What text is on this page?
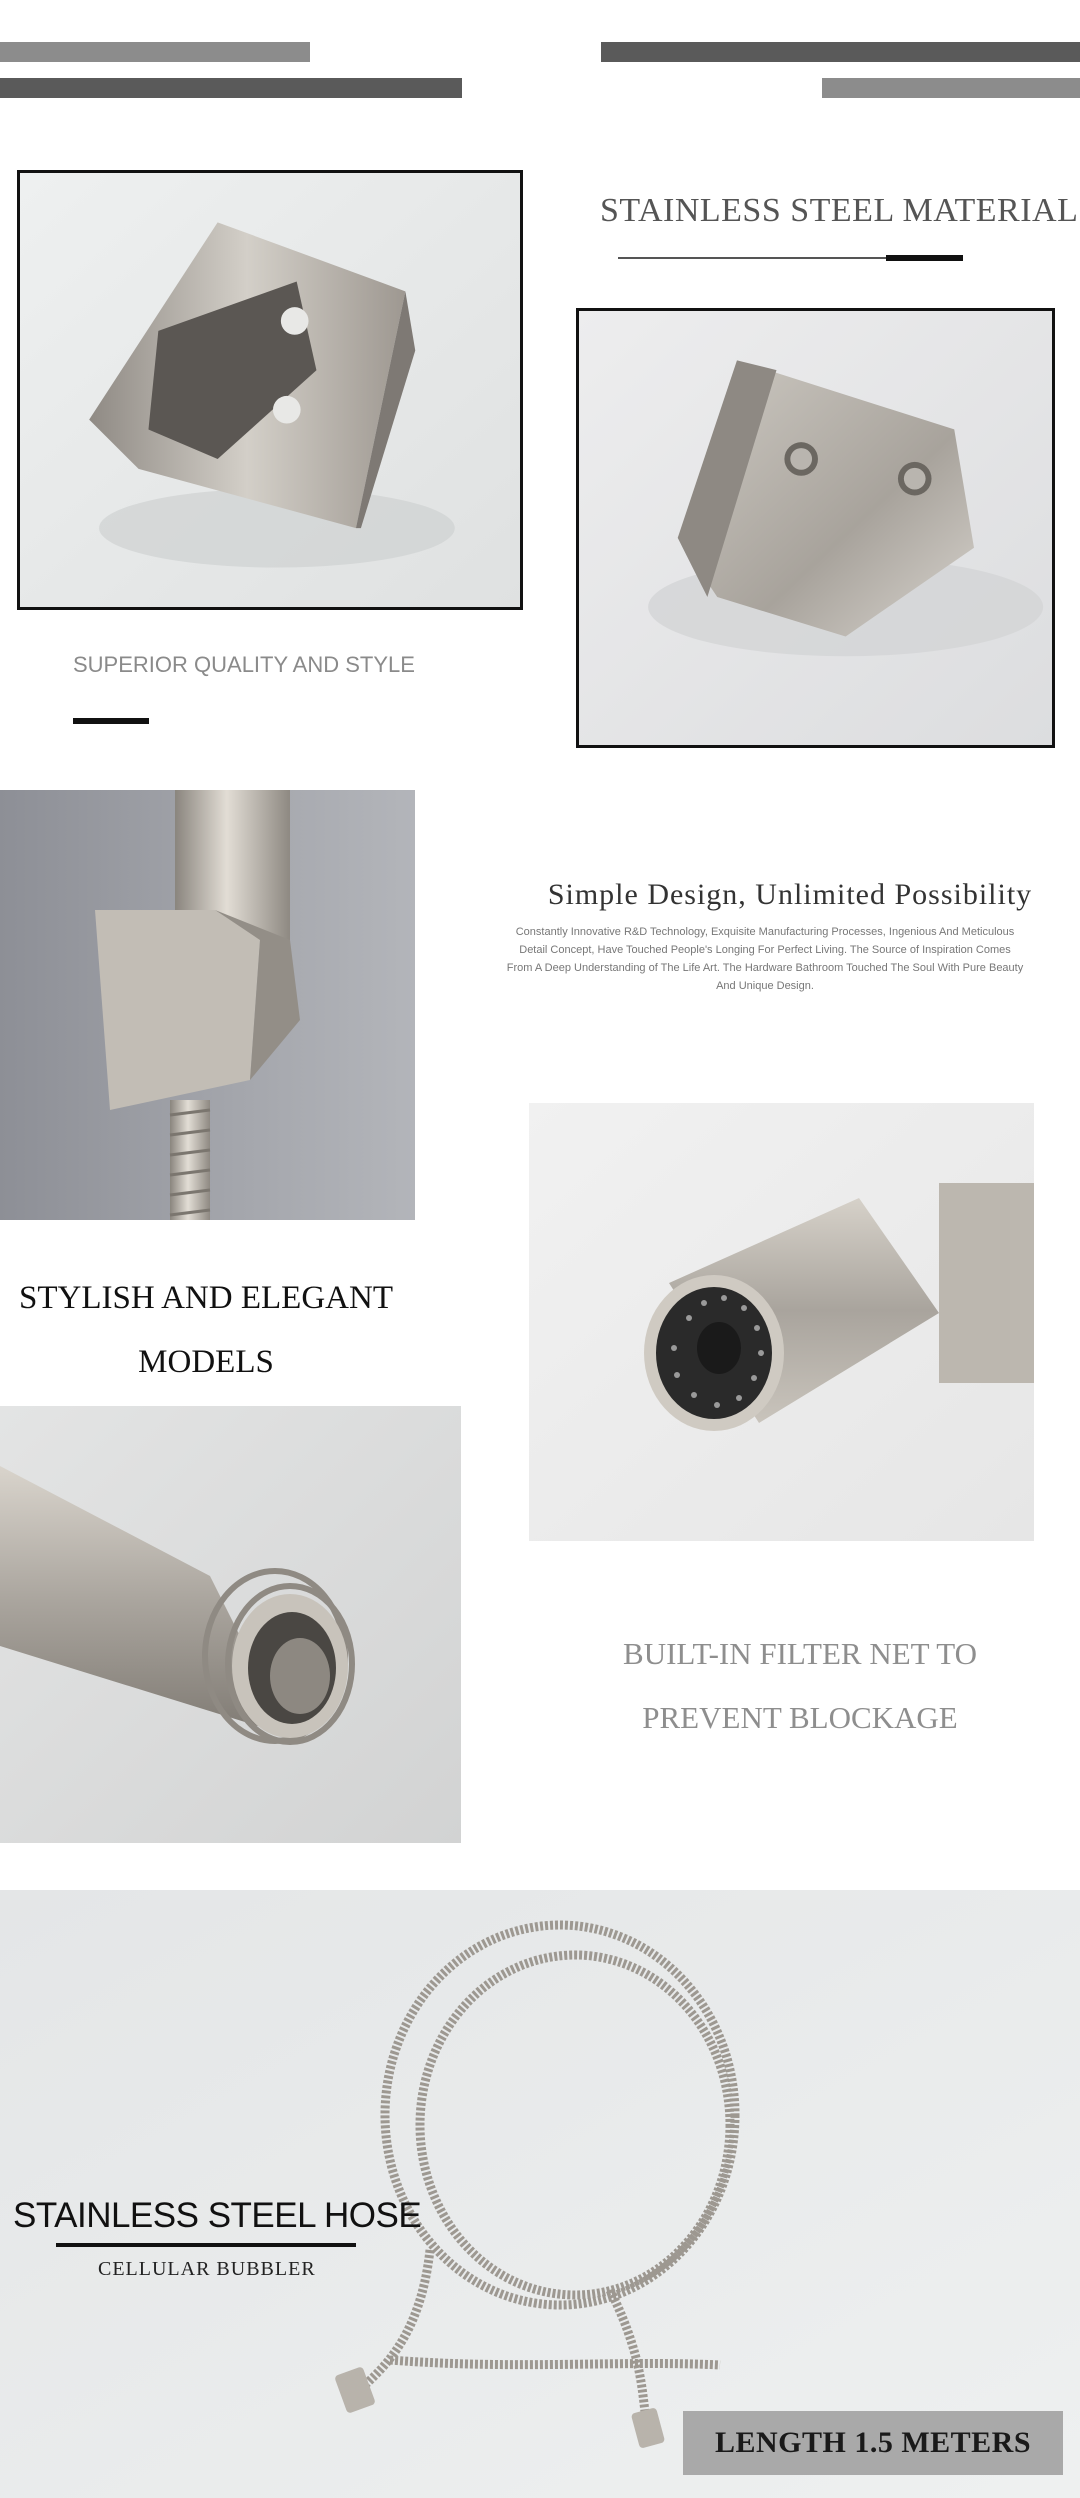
STAINLESS STEEL MATERIAL
SUPERIOR QUALITY AND STYLE
Simple Design, Unlimited Possibility
Constantly Innovative R&D Technology, Exquisite Manufacturing Processes, Ingenious And Meticulous Detail Concept, Have Touched People's Longing For Perfect Living. The Source of Inspiration Comes From A Deep Understanding of The Life Art. The Hardware Bathroom Touched The Soul With Pure Beauty And Unique Design.
STYLISH AND ELEGANT
MODELS
BUILT-IN FILTER NET TO
PREVENT BLOCKAGE
STAINLESS STEEL HOSE
CELLULAR BUBBLER
LENGTH 1.5 METERS
